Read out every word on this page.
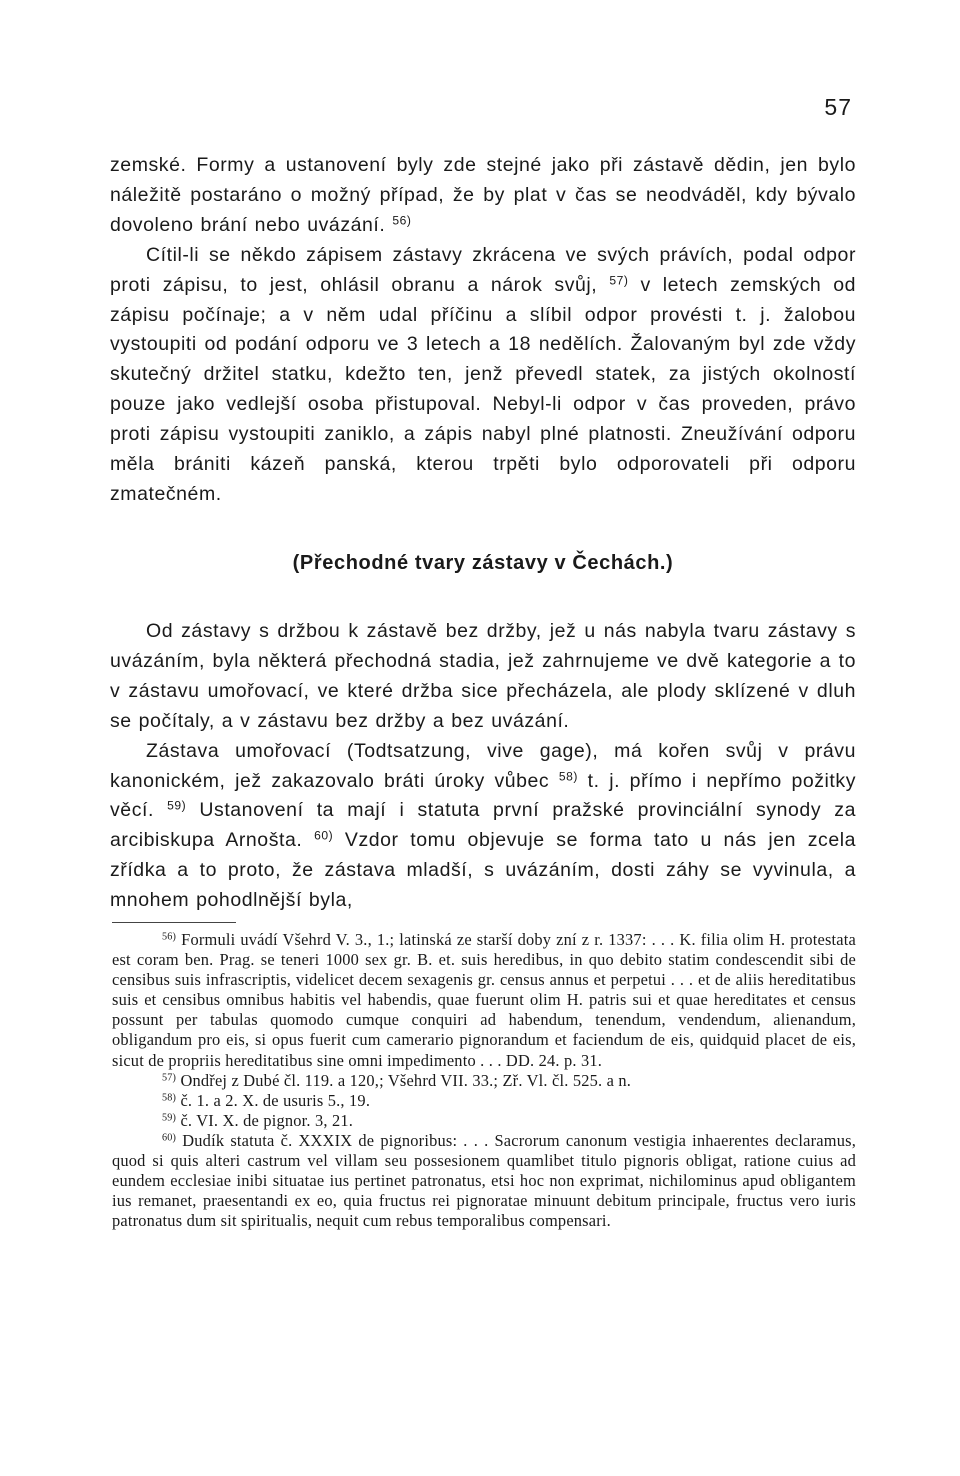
57

zemské. Formy a ustanovení byly zde stejné jako při zástavě dědin, jen bylo náležitě postaráno o možný případ, že by plat v čas se neodváděl, kdy bývalo dovoleno brání nebo uvázání. $^{56)}$

Cítil-li se někdo zápisem zástavy zkrácena ve svých právích, podal odpor proti zápisu, to jest, ohlásil obranu a nárok svůj, $^{57)}$ v letech zemských od zápisu počínaje; a v něm udal příčinu a slíbil odpor provésti t. j. žalobou vystoupiti od podání odporu ve 3 letech a 18 nedělích. Žalovaným byl zde vždy skutečný držitel statku, kdežto ten, jenž převedl statek, za jistých okolností pouze jako vedlejší osoba přistupoval. Nebyl-li odpor v čas proveden, právo proti zápisu vystoupiti zaniklo, a zápis nabyl plné platnosti. Zneužívání odporu měla brániti kázeň panská, kterou trpěti bylo odporovateli při odporu zmatečném.

(Přechodné tvary zástavy v Čechách.)

Od zástavy s držbou k zástavě bez držby, jež u nás nabyla tvaru zástavy s uvázáním, byla některá přechodná stadia, jež zahrnujeme ve dvě kategorie a to v zástavu umořovací, ve které držba sice přecházela, ale plody sklízené v dluh se počítaly, a v zástavu bez držby a bez uvázání.

Zástava umořovací (Todtsatzung, vive gage), má kořen svůj v právu kanonickém, jež zakazovalo bráti úroky vůbec $^{58)}$ t. j. přímo i nepřímo požitky věcí. $^{59)}$ Ustanovení ta mají i statuta první pražské provinciální synody za arcibiskupa Arnošta. $^{60)}$ Vzdor tomu objevuje se forma tato u nás jen zcela zřídka a to proto, že zástava mladší, s uvázáním, dosti záhy se vyvinula, a mnohem pohodlnější byla,

$^{56)}$ Formuli uvádí Všehrd V. 3., 1.; latinská ze starší doby zní z r. 1337: . . . K. filia olim H. protestata est coram ben. Prag. se teneri 1000 sex gr. B. et. suis heredibus, in quo debito statim condescendit sibi de censibus suis infrascriptis, videlicet decem sexagenis gr. census annus et perpetui . . . et de aliis hereditatibus suis et censibus omnibus habitis vel habendis, quae fuerunt olim H. patris sui et quae hereditates et census possunt per tabulas quomodo cumque conquiri ad habendum, tenendum, vendendum, alienandum, obligandum pro eis, si opus fuerit cum camerario pignorandum et faciendum de eis, quidquid placet de eis, sicut de propriis hereditatibus sine omni impedimento . . . DD. 24. p. 31.

$^{57)}$ Ondřej z Dubé čl. 119. a 120,; Všehrd VII. 33.; Zř. Vl. čl. 525. a n.

$^{58)}$ č. 1. a 2. X. de usuris 5., 19.

$^{59)}$ č. VI. X. de pignor. 3, 21.

$^{60)}$ Dudík statuta č. XXXIX de pignoribus: . . . Sacrorum canonum vestigia inhaerentes declaramus, quod si quis alteri castrum vel villam seu possesionem quamlibet titulo pignoris obligat, ratione cuius ad eundem ecclesiae inibi situatae ius pertinet patronatus, etsi hoc non exprimat, nichilominus apud obligantem ius remanet, praesentandi ex eo, quia fructus rei pignoratae minuunt debitum principale, fructus vero iuris patronatus dum sit spiritualis, nequit cum rebus temporalibus compensari.
